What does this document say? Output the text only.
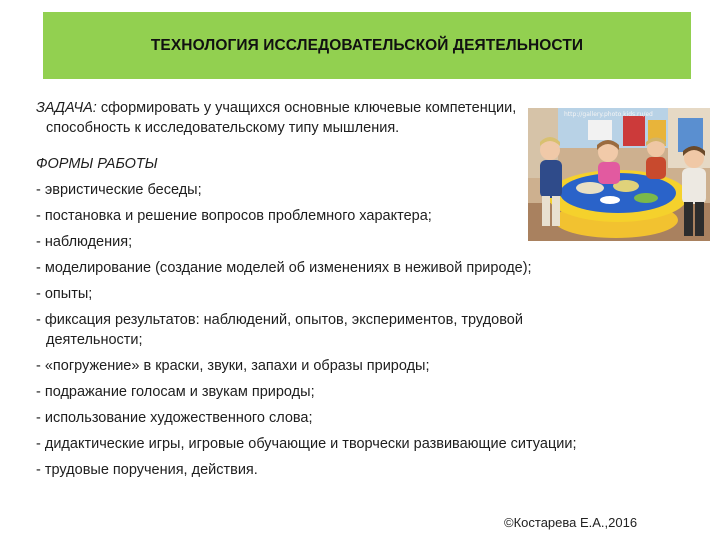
ТЕХНОЛОГИЯ ИССЛЕДОВАТЕЛЬСКОЙ ДЕЯТЕЛЬНОСТИ
http://gallery.photo.kids.ru/ed

ЗАДАЧА: сформировать у учащихся основные ключевые компетенции,
способность к исследовательскому типу мышления.

ФОРМЫ РАБОТЫ

- эвристические беседы;
- постановка и решение вопросов проблемного характера;
- наблюдения;
- моделирование (создание моделей об изменениях в неживой природе);
- опыты;
- фиксация результатов: наблюдений, опытов, экспериментов, трудовой
деятельности;
- «погружение» в краски, звуки, запахи и образы природы;
- подражание голосам и звукам природы;
- использование художественного слова;
- дидактические игры, игровые обучающие и творчески развивающие ситуации;
- трудовые поручения, действия.
©Костарева Е.А.,2016
